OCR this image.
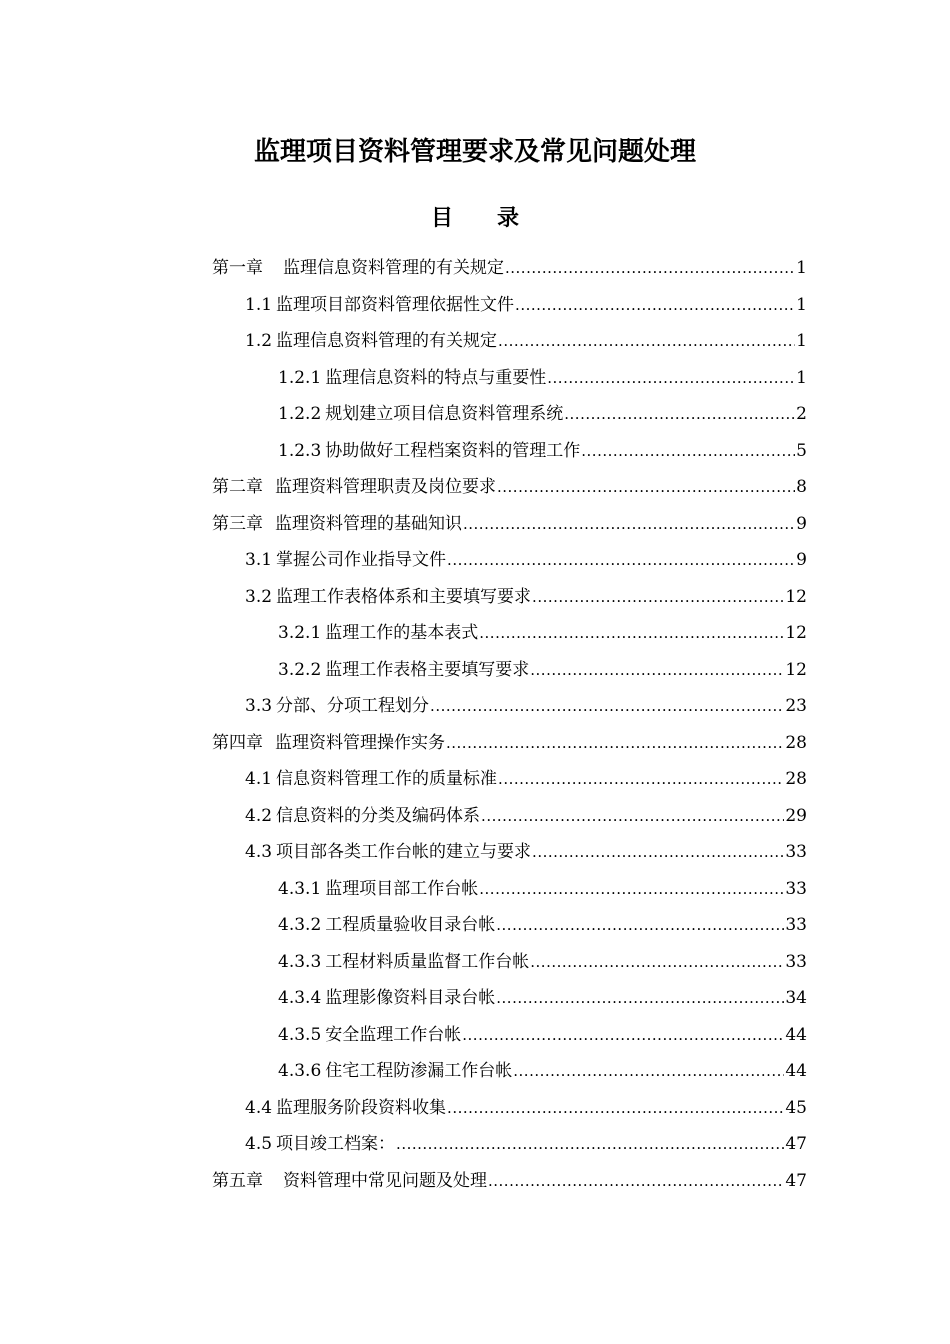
监理项目资料管理要求及常见问题处理
目 录
第一章 监理信息资料管理的有关规定 .....	1
1.1 监理项目部资料管理依据性文件 .....	1
1.2 监理信息资料管理的有关规定 .....	1
1.2.1 监理信息资料的特点与重要性 .....	1
1.2.2 规划建立项目信息资料管理系统 .....	2
1.2.3 协助做好工程档案资料的管理工作 .....	5
第二章 监理资料管理职责及岗位要求 .....	8
第三章 监理资料管理的基础知识 .....	9
3.1 掌握公司作业指导文件 .....	9
3.2 监理工作表格体系和主要填写要求 .....	12
3.2.1 监理工作的基本表式 .....	12
3.2.2 监理工作表格主要填写要求 .....	12
3.3 分部、分项工程划分 .....	23
第四章 监理资料管理操作实务 .....	28
4.1 信息资料管理工作的质量标准 .....	28
4.2 信息资料的分类及编码体系 .....	29
4.3 项目部各类工作台帐的建立与要求 .....	33
4.3.1 监理项目部工作台帐 .....	33
4.3.2 工程质量验收目录台帐 .....	33
4.3.3 工程材料质量监督工作台帐 .....	33
4.3.4 监理影像资料目录台帐 .....	34
4.3.5 安全监理工作台帐 .....	44
4.3.6 住宅工程防渗漏工作台帐 .....	44
4.4 监理服务阶段资料收集 .....	45
4.5 项目竣工档案： .....	47
第五章 资料管理中常见问题及处理 .....	47
